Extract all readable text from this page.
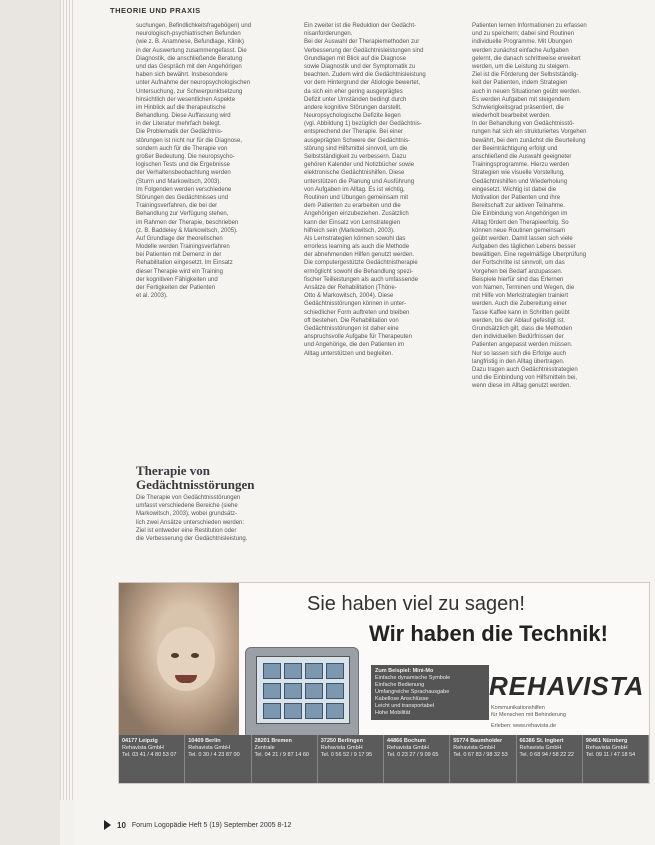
THEORIE UND PRAXIS
suchungen, Befindlichkeitsfragebögen) und
neurologisch-psychiatrischen Befunden
(wie z. B. Anamnese, Befundlage, Klinik)
in der Auswertung zusammengefasst. Die
Diagnostik, die anschließende Beratung
und das Gespräch mit den Angehörigen
haben sich bewährt. Insbesondere
unter Aufnahme der neuropsychologischen
Untersuchung, zur Schwerpunktsetzung
hinsichtlich der wesentlichen Aspekte
im Hinblick auf die therapeutische
Behandlung. Diese Auffassung wird
in der Literatur mehrfach belegt.
Die Problematik der Gedächtnis-
störungen ist nicht nur für die Diagnose,
sondern auch für die Therapie von
großer Bedeutung. Die neuropsycho-
logischen Tests und die Ergebnisse
der Verhaltensbeobachtung werden
(Sturm und Markowitsch, 2003).
Im Folgenden werden verschiedene
Störungen des Gedächtnisses und
Trainingsverfahren, die bei der
Behandlung zur Verfügung stehen,
im Rahmen der Therapie, beschrieben
(z. B. Baddeley & Markowitsch, 2005).
Auf Grundlage der theoretischen
Modelle werden Trainingsverfahren
bei Patienten mit Demenz in der
Rehabilitation eingesetzt. Im Einsatz
dieser Therapie wird ein Training
der kognitiven Fähigkeiten und
der Fertigkeiten der Patienten
et al. 2003).
Therapie von Gedächtnisstörungen
Die Therapie von Gedächtnisstörungen
umfasst verschiedene Bereiche (siehe
Markowitsch, 2003), wobei grundsätz-
lich zwei Ansätze unterschieden werden:
Ziel ist entweder eine Restitution oder
die Verbesserung der Gedächtnisleistung.
Ein zweiter ist die Reduktion der Gedächt-
nisanforderungen.
Bei der Auswahl der Therapiemethoden zur
Verbesserung der Gedächtnisleistungen sind
Grundlagen mit Blick auf die Diagnose
sowie Diagnostik und der Symptomatik zu
beachten. Zudem wird die Gedächtnisleistung
vor dem Hintergrund der Ätiologie bewertet,
da sich ein eher gering ausgeprägtes
Defizit unter Umständen bedingt durch
andere kognitive Störungen darstellt.
Neuropsychologische Defizite liegen
(vgl. Abbildung 1) bezüglich der Gedächtnis-
entsprechend der Therapie. Bei einer
ausgeprägten Schwere der Gedächtnis-
störung sind Hilfsmittel sinnvoll, um die
Selbstständigkeit zu verbessern. Dazu
gehören Kalender und Notizbücher sowie
elektronische Gedächtnishilfen. Diese
unterstützen die Planung und Ausführung
von Aufgaben im Alltag. Es ist wichtig,
Routinen und Übungen gemeinsam mit
dem Patienten zu erarbeiten und die
Angehörigen einzubeziehen. Zusätzlich
kann der Einsatz von Lernstrategien
hilfreich sein (Markowitsch, 2003).
Als Lernstrategien können sowohl das
errorless learning als auch die Methode
der abnehmenden Hilfen genutzt werden.
Die computergestützte Gedächtnistherapie
ermöglicht sowohl die Behandlung spezi-
fischer Teilleistungen als auch umfassende
Ansätze der Rehabilitation (Thöne-
Otto & Markowitsch, 2004). Diese
Gedächtnisstörungen können in unter-
schiedlicher Form auftreten und bleiben
oft bestehen. Die Rehabilitation von
Gedächtnisstörungen ist daher eine
anspruchsvolle Aufgabe für Therapeuten
und Angehörige, die den Patienten im
Alltag unterstützen und begleiten.
Patienten lernen Informationen zu erfassen
und zu speichern; dabei sind Routinen
individuelle Programme. Mit Übungen
werden zunächst einfache Aufgaben
gelernt, die danach schrittweise erweitert
werden, um die Leistung zu steigern.
Ziel ist die Förderung der Selbstständig-
keit der Patienten, indem Strategien
auch in neuen Situationen geübt werden.
Es werden Aufgaben mit steigendem
Schwierigkeitsgrad präsentiert, die
wiederholt bearbeitet werden.
In der Behandlung von Gedächtnisstö-
rungen hat sich ein strukturiertes Vorgehen
bewährt, bei dem zunächst die Beurteilung
der Beeinträchtigung erfolgt und
anschließend die Auswahl geeigneter
Trainingsprogramme. Hierzu werden
Strategien wie visuelle Vorstellung,
Gedächtnishilfen und Wiederholung
eingesetzt. Wichtig ist dabei die
Motivation der Patienten und ihre
Bereitschaft zur aktiven Teilnahme.
Die Einbindung von Angehörigen im
Alltag fördert den Therapieerfolg. So
können neue Routinen gemeinsam
geübt werden. Damit lassen sich viele
Aufgaben des täglichen Lebens besser
bewältigen. Eine regelmäßige Überprüfung
der Fortschritte ist sinnvoll, um das
Vorgehen bei Bedarf anzupassen.
Beispiele hierfür sind das Erlernen
von Namen, Terminen und Wegen, die
mit Hilfe von Merkstrategien trainiert
werden. Auch die Zubereitung einer
Tasse Kaffee kann in Schritten geübt
werden, bis der Ablauf gefestigt ist.
Grundsätzlich gilt, dass die Methoden
den individuellen Bedürfnissen der
Patienten angepasst werden müssen.
Nur so lassen sich die Erfolge auch
langfristig in den Alltag übertragen.
Dazu tragen auch Gedächtnisstrategien
und die Einbindung von Hilfsmitteln bei,
wenn diese im Alltag genutzt werden.
Sie haben viel zu sagen!
Wir haben die Technik!
Zum Beispiel: Mini-Mo
Einfache dynamische Symbole
Einfache Bedienung
Umfangreiche Sprachausgabe
Kabellose Anschlüsse
Leicht und transportabel
Hohe Mobilität
REHAVISTA
Kommunikationshilfen
für Menschen mit Behinderung
Erleben: www.rehavista.de
04177 Leipzig
Rehavista GmbH
Tel. 03 41 / 4 80 53 07
10409 Berlin
Rehavista GmbH
Tel. 0 30 / 4 23 87 00
28201 Bremen
Zentrale
Tel. 04 21 / 9 87 14 60
37250 Berlingen
Rehavista GmbH
Tel. 0 56 52 / 9 17 95
44866 Bochum
Rehavista GmbH
Tel. 0 23 27 / 9 09 65
55774 Baumholder
Rehavista GmbH
Tel. 0 67 83 / 98 32 53
66386 St. Ingbert
Rehavista GmbH
Tel. 0 68 94 / 58 22 22
90461 Nürnberg
Rehavista GmbH
Tel. 09 11 / 47 18 54
10 Forum Logopädie Heft 5 (19) September 2005 8-12
